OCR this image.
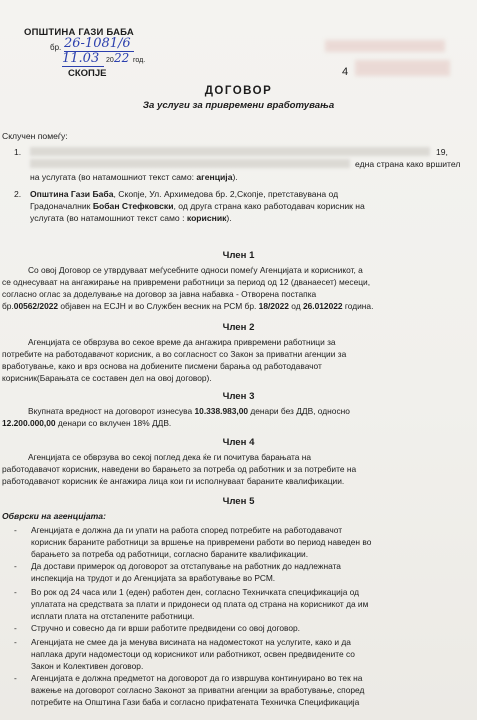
ОПШТИНА ГАЗИ БАБА
бр. 26-1081/6
11.03 20 22 год.
СКОПЈЕ	4
ДОГОВОР
За услуги за привремени вработувања
Склучен помеѓу:
1.	19,
една страна како вршител
на услугата (во натамошниот текст само: агенција).
2. Општина Гази Баба, Скопје, Ул. Архимедова бр. 2,Скопје, претставувана од
Градоначалник Бобан Стефковски, од друга страна како работодавач корисник на
услугата (во натамошниот текст само : корисник).
Член 1
Со овој Договор се утврдуваат меѓусебните односи помеѓу Агенцијата и корисникот, а
се однесуваат на ангажирање на привремени работници за период од 12 (дванаесет) месеци,
согласно оглас за доделување на договор за јавна набавка - Отворена постапка
бр.00562/2022 објавен на ЕСЈН и во Службен весник на РСМ бр. 18/2022 од 26.012022 година.
Член 2
Агенцијата се обврзува во секое време да ангажира привремени работници за
потребите на работодавачот корисник, а во согласност со Закон за приватни агенции за
вработување, како и врз основа на добиените писмени барања од работодавачот
корисник(Барањата се составен дел на овој договор).
Член 3
Вкупната вредност на договорот изнесува 10.338.983,00 денари без ДДВ, односно
12.200.000,00 денари со вклучен 18% ДДВ.
Член 4
Агенцијата се обврзува во секој поглед дека ќе ги почитува барањата на
работодавачот корисник, наведени во барањето за потреба од работник и за потребите на
работодавачот корисник ќе ангажира лица кои ги исполнуваат бараните квалификации.
Член 5
Обврски на агенцијата:
- Агенцијата е должна да ги упати на работа според потребите на работодавачот
корисник бараните работници за вршење на привремени работи во период наведен во
барањето за потреба од работници, согласно бараните квалификации.
- Да достави примерок од договорот за отстапување на работник до надлежната
инспекција на трудот и до Агенцијата за вработување во РСМ.
- Во рок од 24 часа или 1 (еден) работен ден, согласно Техничката спецификација од
уплатата на средствата за плати и придонеси од плата од страна на корисникот да им
исплати плата на отстапените работници.
- Стручно и совесно да ги врши работите предвидени со овој договор.
- Агенцијата не смее да ја менува висината на надоместокот на услугите, како и да
наплака други надоместоци од корисникот или работникот, освен предвидените со
Закон и Колективен договор.
- Агенцијата е должна предметот на договорот да го извршува континуирано во тек на
важење на договорот согласно Законот за приватни агенции за вработување, според
потребите на Општина Гази баба и согласно прифатената Техничка Спецификација
